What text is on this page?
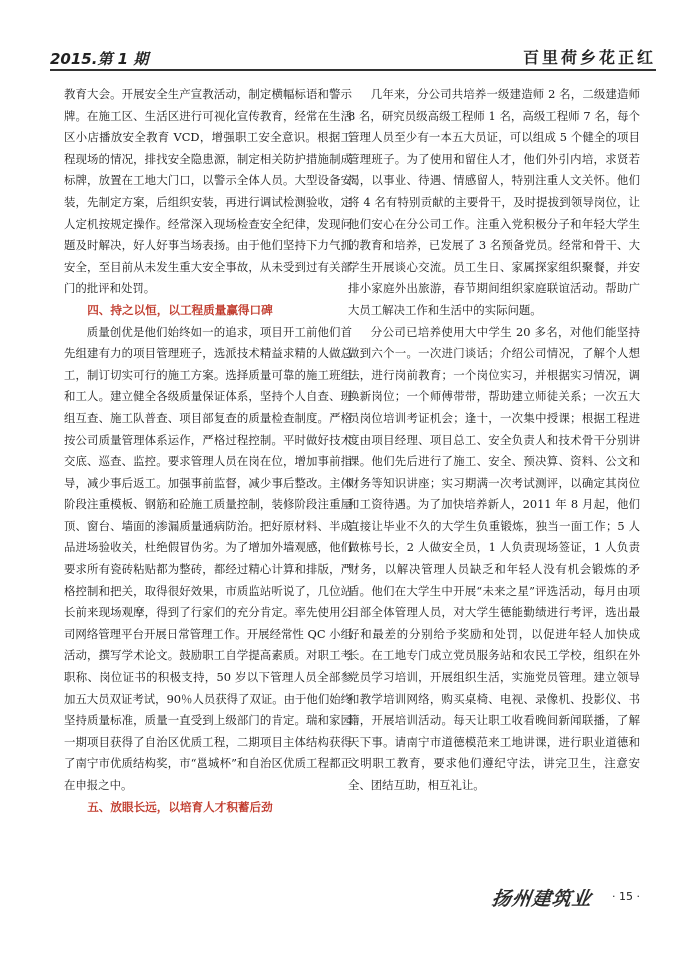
2015.第 1 期	百里荷乡花正红

教育大会。开展安全生产宣教活动，制定横幅标语和警示牌。在施工区、生活区进行可视化宣传教育，经常在生活区小店播放安全教育 VCD，增强职工安全意识。根据工程现场的情况，排找安全隐患源，制定相关防护措施制成标牌，放置在工地大门口，以警示全体人员。大型设备安装，先制定方案，后组织安装，再进行调试检测验收，定人定机按规定操作。经常深入现场检查安全纪律，发现问题及时解决，好人好事当场表扬。由于他们坚持下力气抓安全，至目前从未发生重大安全事故，从未受到过有关部门的批评和处罚。

四、持之以恒，以工程质量赢得口碑

质量创优是他们始终如一的追求，项目开工前他们首先组建有力的项目管理班子，选派技术精益求精的人做总工，制订切实可行的施工方案。选择质量可靠的施工班组和工人。建立健全各级质量保证体系，坚持个人自查、班组互查、施工队普查、项目部复查的质量检查制度。严格按公司质量管理体系运作，严格过程控制。平时做好技术交底、巡查、监控。要求管理人员在岗在位，增加事前指导，减少事后返工。加强事前监督，减少事后整改。主体阶段注重模板、钢筋和砼施工质量控制，装修阶段注重屋顶、窗台、墙面的渗漏质量通病防治。把好原材料、半成品进场验收关，杜绝假冒伪劣。为了增加外墙观感，他们要求所有瓷砖粘贴都为整砖，都经过精心计算和排版，严格控制和把关，取得很好效果，市质监站听说了，几位站长前来现场观摩，得到了行家们的充分肯定。率先使用公司网络管理平台开展日常管理工作。开展经常性 QC 小组活动，撰写学术论文。鼓励职工自学提高素质。对职工考职称、岗位证书的积极支持，50 岁以下管理人员全部参加五大员双证考试，90％人员获得了双证。由于他们始终坚持质量标准，质量一直受到上级部门的肯定。瑞和家园一期项目获得了自治区优质工程，二期项目主体结构获得了南宁市优质结构奖，市“邕城杯”和自治区优质工程都正在申报之中。

五、放眼长远，以培育人才积蓄后劲

几年来，分公司共培养一级建造师 2 名，二级建造师 8 名，研究员级高级工程师 1 名，高级工程师 7 名，每个管理人员至少有一本五大员证，可以组成 5 个健全的项目管理班子。为了使用和留住人才，他们外引内培，求贤若渴，以事业、待遇、情感留人，特别注重人文关怀。他们将 4 名有特别贡献的主要骨干，及时提拔到领导岗位，让他们安心在分公司工作。注重入党积极分子和年轻大学生的教育和培养，已发展了 3 名预备党员。经常和骨干、大学生开展谈心交流。员工生日、家属探家组织聚餐，并安排小家庭外出旅游，春节期间组织家庭联谊活动。帮助广大员工解决工作和生活中的实际问题。

分公司已培养使用大中学生 20 多名，对他们能坚持做到六个一。一次进门谈话；介绍公司情况，了解个人想法，进行岗前教育；一个岗位实习，并根据实习情况，调换新岗位；一个师傅带带，帮助建立师徒关系；一次五大员岗位培训考证机会；逢十，一次集中授课；根据工程进度由项目经理、项目总工、安全负责人和技术骨干分别讲课。他们先后进行了施工、安全、预决算、资料、公文和财务等知识讲座；实习期满一次考试测评，以确定其岗位和工资待遇。为了加快培养新人，2011 年 8 月起，他们直接让毕业不久的大学生负重锻炼，独当一面工作；5 人做栋号长，2 人做安全员，1 人负责现场签证，1 人负责财务，以解决管理人员缺乏和年轻人没有机会锻炼的矛盾。他们在大学生中开展“未来之星”评选活动，每月由项目部全体管理人员，对大学生德能勤绩进行考评，选出最好和最差的分别给予奖励和处罚，以促进年轻人加快成长。在工地专门成立党员服务站和农民工学校，组织在外党员学习培训，开展组织生活，实施党员管理。建立领导和教学培训网络，购买桌椅、电视、录像机、投影仪、书籍，开展培训活动。每天让职工收看晚间新闻联播，了解天下事。请南宁市道德模范来工地讲课，进行职业道德和文明职工教育，要求他们遵纪守法，讲完卫生，注意安全、团结互助，相互礼让。

扬州建筑业 · 15 ·
